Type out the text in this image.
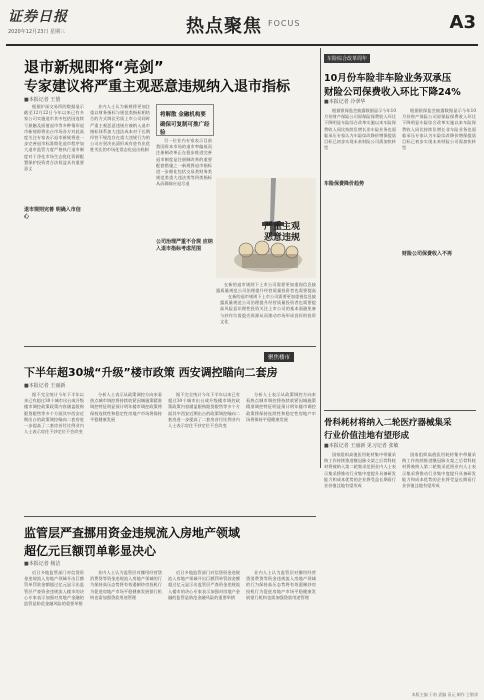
证券日报
2020年12月23日 星期三	热点聚焦 FOCUS	A3
退市新规即将“亮剑”
专家建议将严重主观恶意违规纳入退市指标
■本报记者 王僖
根据沪深交易所的数据显示截至12月22日今年以来已有多家公司实施退市其中包括因连续亏损触及面值退市等多种情形退市新规即将出台市场各方对此高度关注专家表示退市新规将进一步完善退市标准简化退市程序加大退市监管力度严格执行退市制度对于净化市场生态优化资源配置保护投资者合法权益具有重要意义
退市规则完善 明确入市信心
业内人士认为新规将更加注重以财务指标与规范类指标相结合的方式淘汰劣质上市公司同时严重主观恶意违规应被纳入退市指标体系加大违法成本对于长期经营不规范存在重大违规行为的公司应坚决出清形成有进有出优胜劣汰的市场化常态化退出机制
将解散 金融机构要
确保可复制可推广经验
另一位业内专家表示目前我国资本市场的退市率偏低而注册制改革正在稳步推进完善退市制度是注册制改革的重要配套措施之一新规将退市指标进一步细化包括交易类财务类规范类重大违法类等四类指标从而确保应退尽退
严重主观 恶意违规
在新的退市规则下上市公司需要更加重视信息披露质量规范公司治理提升经营质量投资者也需要提高
公司治理严重不合规 应纳入退市指标考虑范围
在新的退市规则下上市公司需要更加重视信息披露质量规范公司治理提升经营质量投资者也需要提高风险意识理性投资关注上市公司的基本面避免参与炒作垃圾股壳资源从而推动市场形成良好的投资文化
车险综合改革周年
10月份车险非车险业务双承压
财险公司保费收入环比下降24%
■本报记者 冷翠华
根据银保监会披露数据显示今年10月份财产保险公司原保险保费收入环比下降明显车险综合改革实施以来车险保费收入同比持续负增长非车险业务也面临承压专家认为车险综改降价增保提质目标已初步实现未来财险公司需加快转型
车险保费降价趋势
根据银保监会披露数据显示今年10月份财产保险公司原保险保费收入环比下降明显车险综合改革实施以来车险保费收入同比持续负增长非车险业务也面临承压专家认为车险综改降价增保提质目标已初步实现未来财险公司需加快转型
财险公司保费收入不再
聚焦楼市
下半年超30城“升级”楼市政策 西安调控瞄向二套房
■本报记者 王丽新
据不完全统计今年下半年以来已有超过30个城市出台或升级楼市调控政策政策内容涵盖限购限贷限售等多个方面其中西安近期出台的政策调控瞄向二套房进一步提高了二套房首付比例业内人士表示房住不炒定位不会改变
分析人士表示从政策调控方向来看热点城市调控将持续收紧因城施策精准调控特征明显预计明年楼市调控政策将保持连续性和稳定性房地产市场将保持平稳健康发展
据不完全统计今年下半年以来已有超过30个城市出台或升级楼市调控政策政策内容涵盖限购限贷限售等多个方面其中西安近期出台的政策调控瞄向二套房进一步提高了二套房首付比例业内人士表示房住不炒定位不会改变
分析人士表示从政策调控方向来看热点城市调控将持续收紧因城施策精准调控特征明显预计明年楼市调控政策将保持连续性和稳定性房地产市场将保持平稳健康发展	骨科耗材将纳入二轮医疗器械集采
行业价值洼地有望形成
■本报记者 王丽新 见习记者 张敏
国家组织高值医用耗材集中带量采购工作持续推进继冠脉支架之后骨科耗材将被纳入第二轮集采范围业内人士表示集采将推动行业集中度提升具备研发能力和成本优势的企业将受益长期看行业价值洼地有望形成
国家组织高值医用耗材集中带量采购工作持续推进继冠脉支架之后骨科耗材将被纳入第二轮集采范围业内人士表示集采将推动行业集中度提升具备研发能力和成本优势的企业将受益长期看行业价值洼地有望形成
监管层严查挪用资金违规流入房地产领域
超亿元巨额罚单彰显决心
■本报记者 杨洁
近日多地监管部门对信贷资金违规流入房地产领域开出巨额罚单罚款金额超过亿元显示出监管层严查资金违规流入楼市的决心专家表示加强对房地产金融的监管是防范金融风险的重要举措
业内人士认为监管层对挪用经营贷消费贷等资金违规流入房地产领域的行为保持高压态势将有效遏制炒房投机行为促进房地产市场平稳健康发展银行机构也需加强贷款用途管理
近日多地监管部门对信贷资金违规流入房地产领域开出巨额罚单罚款金额超过亿元显示出监管层严查资金违规流入楼市的决心专家表示加强对房地产金融的监管是防范金融风险的重要举措
业内人士认为监管层对挪用经营贷消费贷等资金违规流入房地产领域的行为保持高压态势将有效遏制炒房投机行为促进房地产市场平稳健康发展银行机构也需加强贷款用途管理
本版主编 于南 责编 袁元 制作 王敬涛
